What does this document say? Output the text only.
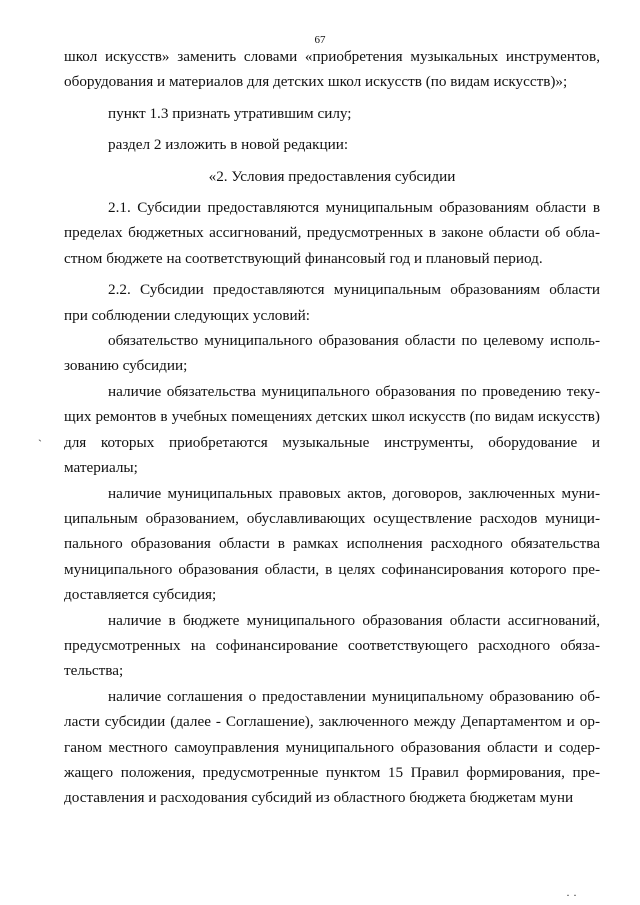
67

школ искусств» заменить словами «приобретения музыкальных инструментов, оборудования и материалов для детских школ искусств (по видам искусств)»;

пункт 1.3 признать утратившим силу;

раздел 2 изложить в новой редакции:

«2. Условия предоставления субсидии

2.1. Субсидии предоставляются муниципальным образованиям области в пределах бюджетных ассигнований, предусмотренных в законе области об областном бюджете на соответствующий финансовый год и плановый период.

2.2. Субсидии предоставляются муниципальным образованиям области при соблюдении следующих условий:

обязательство муниципального образования области по целевому использованию субсидии;

наличие обязательства муниципального образования по проведению текущих ремонтов в учебных помещениях детских школ искусств (по видам искусств) для которых приобретаются музыкальные инструменты, оборудование и материалы;

наличие муниципальных правовых актов, договоров, заключенных муниципальным образованием, обуславливающих осуществление расходов муниципального образования области в рамках исполнения расходного обязательства муниципального образования области, в целях софинансирования которого предоставляется субсидия;

наличие в бюджете муниципального образования области ассигнований, предусмотренных на софинансирование соответствующего расходного обязательства;

наличие соглашения о предоставлении муниципальному образованию области субсидии (далее - Соглашение), заключенного между Департаментом и органом местного самоуправления муниципального образования области и содержащего положения, предусмотренные пунктом 15 Правил формирования, предоставления и расходования субсидий из областного бюджета бюджетам муни

ˏ
· ·
